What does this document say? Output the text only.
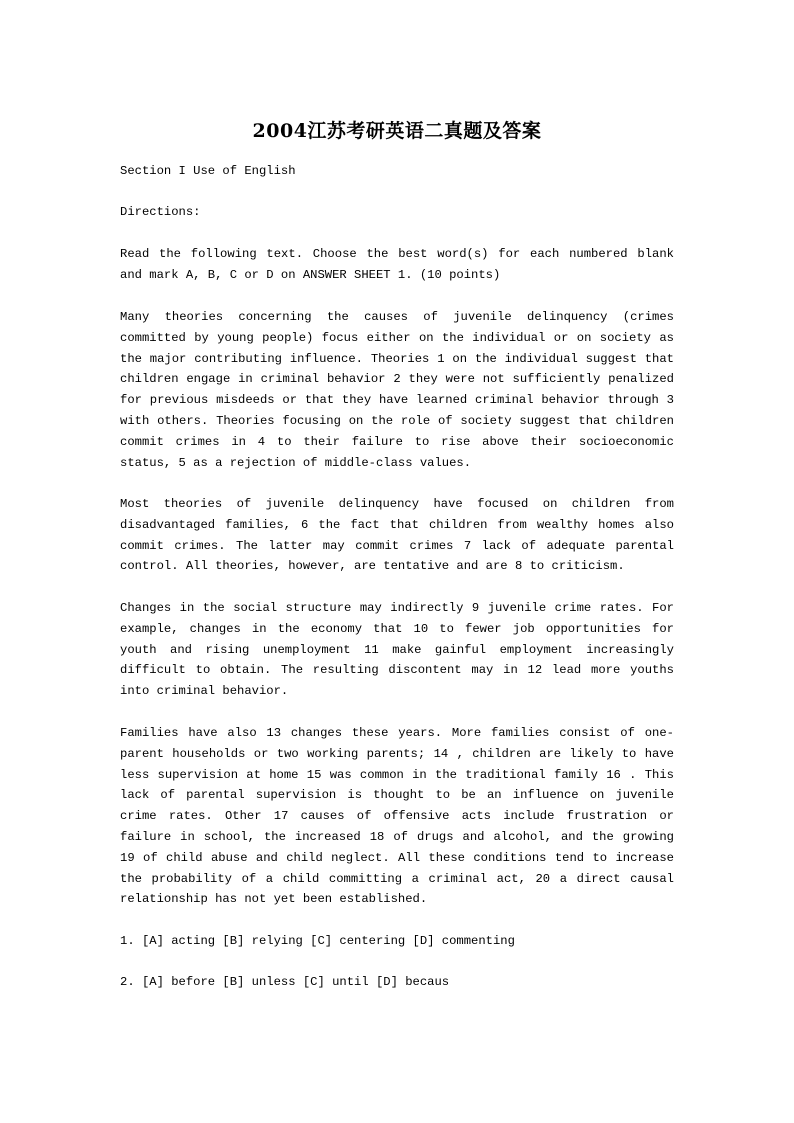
2004江苏考研英语二真题及答案

Section I Use of English

Directions:

Read the following text. Choose the best word(s) for each numbered blank and mark A, B, C or D on ANSWER SHEET 1. (10 points)

Many theories concerning the causes of juvenile delinquency (crimes committed by young people) focus either on the individual or on society as the major contributing influence. Theories 1 on the individual suggest that children engage in criminal behavior 2 they were not sufficiently penalized for previous misdeeds or that they have learned criminal behavior through 3 with others. Theories focusing on the role of society suggest that children commit crimes in 4 to their failure to rise above their socioeconomic status, 5 as a rejection of middle-class values.

Most theories of juvenile delinquency have focused on children from disadvantaged families, 6 the fact that children from wealthy homes also commit crimes. The latter may commit crimes 7 lack of adequate parental control. All theories, however, are tentative and are 8 to criticism.

Changes in the social structure may indirectly 9 juvenile crime rates. For example, changes in the economy that 10 to fewer job opportunities for youth and rising unemployment 11 make gainful employment increasingly difficult to obtain. The resulting discontent may in 12 lead more youths into criminal behavior.

Families have also 13 changes these years. More families consist of one-parent households or two working parents; 14 , children are likely to have less supervision at home 15 was common in the traditional family 16 . This lack of parental supervision is thought to be an influence on juvenile crime rates. Other 17 causes of offensive acts include frustration or failure in school, the increased 18 of drugs and alcohol, and the growing 19 of child abuse and child neglect. All these conditions tend to increase the probability of a child committing a criminal act, 20 a direct causal relationship has not yet been established.

1. [A] acting [B] relying [C] centering [D] commenting

2. [A] before [B] unless [C] until [D] becaus
